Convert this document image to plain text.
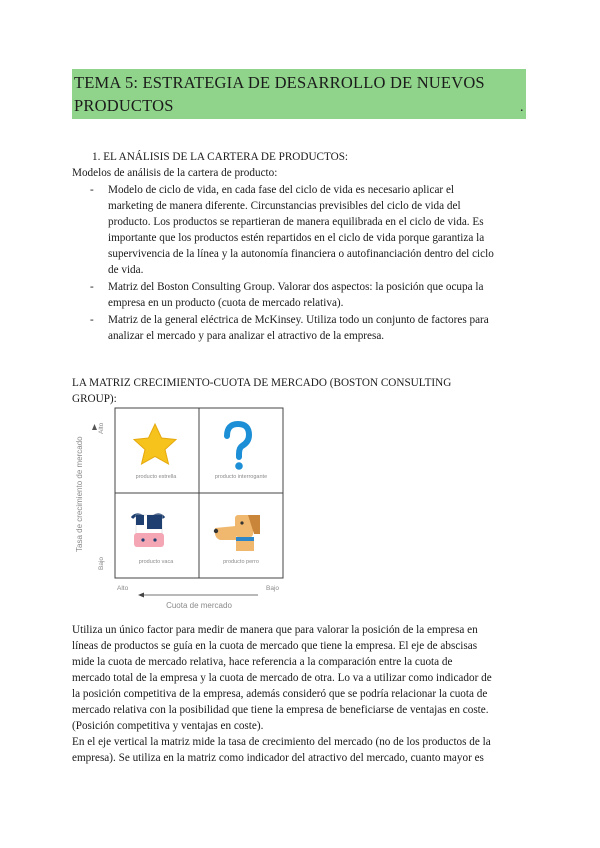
TEMA 5: ESTRATEGIA DE DESARROLLO DE NUEVOS
PRODUCTOS	.
1. EL ANÁLISIS DE LA CARTERA DE PRODUCTOS:
Modelos de análisis de la cartera de producto:
- Modelo de ciclo de vida, en cada fase del ciclo de vida es necesario aplicar el
marketing de manera diferente. Circunstancias previsibles del ciclo de vida del
producto. Los productos se repartieran de manera equilibrada en el ciclo de vida. Es
importante que los productos estén repartidos en el ciclo de vida porque garantiza la
supervivencia de la línea y la autonomía financiera o autofinanciación dentro del ciclo
de vida.
- Matriz del Boston Consulting Group. Valorar dos aspectos: la posición que ocupa la
empresa en un producto (cuota de mercado relativa).
- Matriz de la general eléctrica de McKinsey. Utiliza todo un conjunto de factores para
analizar el mercado y para analizar el atractivo de la empresa.
LA MATRIZ CRECIMIENTO-CUOTA DE MERCADO (BOSTON CONSULTING
GROUP):
Tasa de crecimiento de mercado
Alto
Bajo
producto estrella	producto interrogante
producto vaca	producto perro
Alto	Bajo
Cuota de mercado
Utiliza un único factor para medir de manera que para valorar la posición de la empresa en
líneas de productos se guía en la cuota de mercado que tiene la empresa. El eje de abscisas
mide la cuota de mercado relativa, hace referencia a la comparación entre la cuota de
mercado total de la empresa y la cuota de mercado de otra. Lo va a utilizar como indicador de
la posición competitiva de la empresa, además consideró que se podría relacionar la cuota de
mercado relativa con la posibilidad que tiene la empresa de beneficiarse de ventajas en coste.
(Posición competitiva y ventajas en coste).
En el eje vertical la matriz mide la tasa de crecimiento del mercado (no de los productos de la
empresa). Se utiliza en la matriz como indicador del atractivo del mercado, cuanto mayor es
